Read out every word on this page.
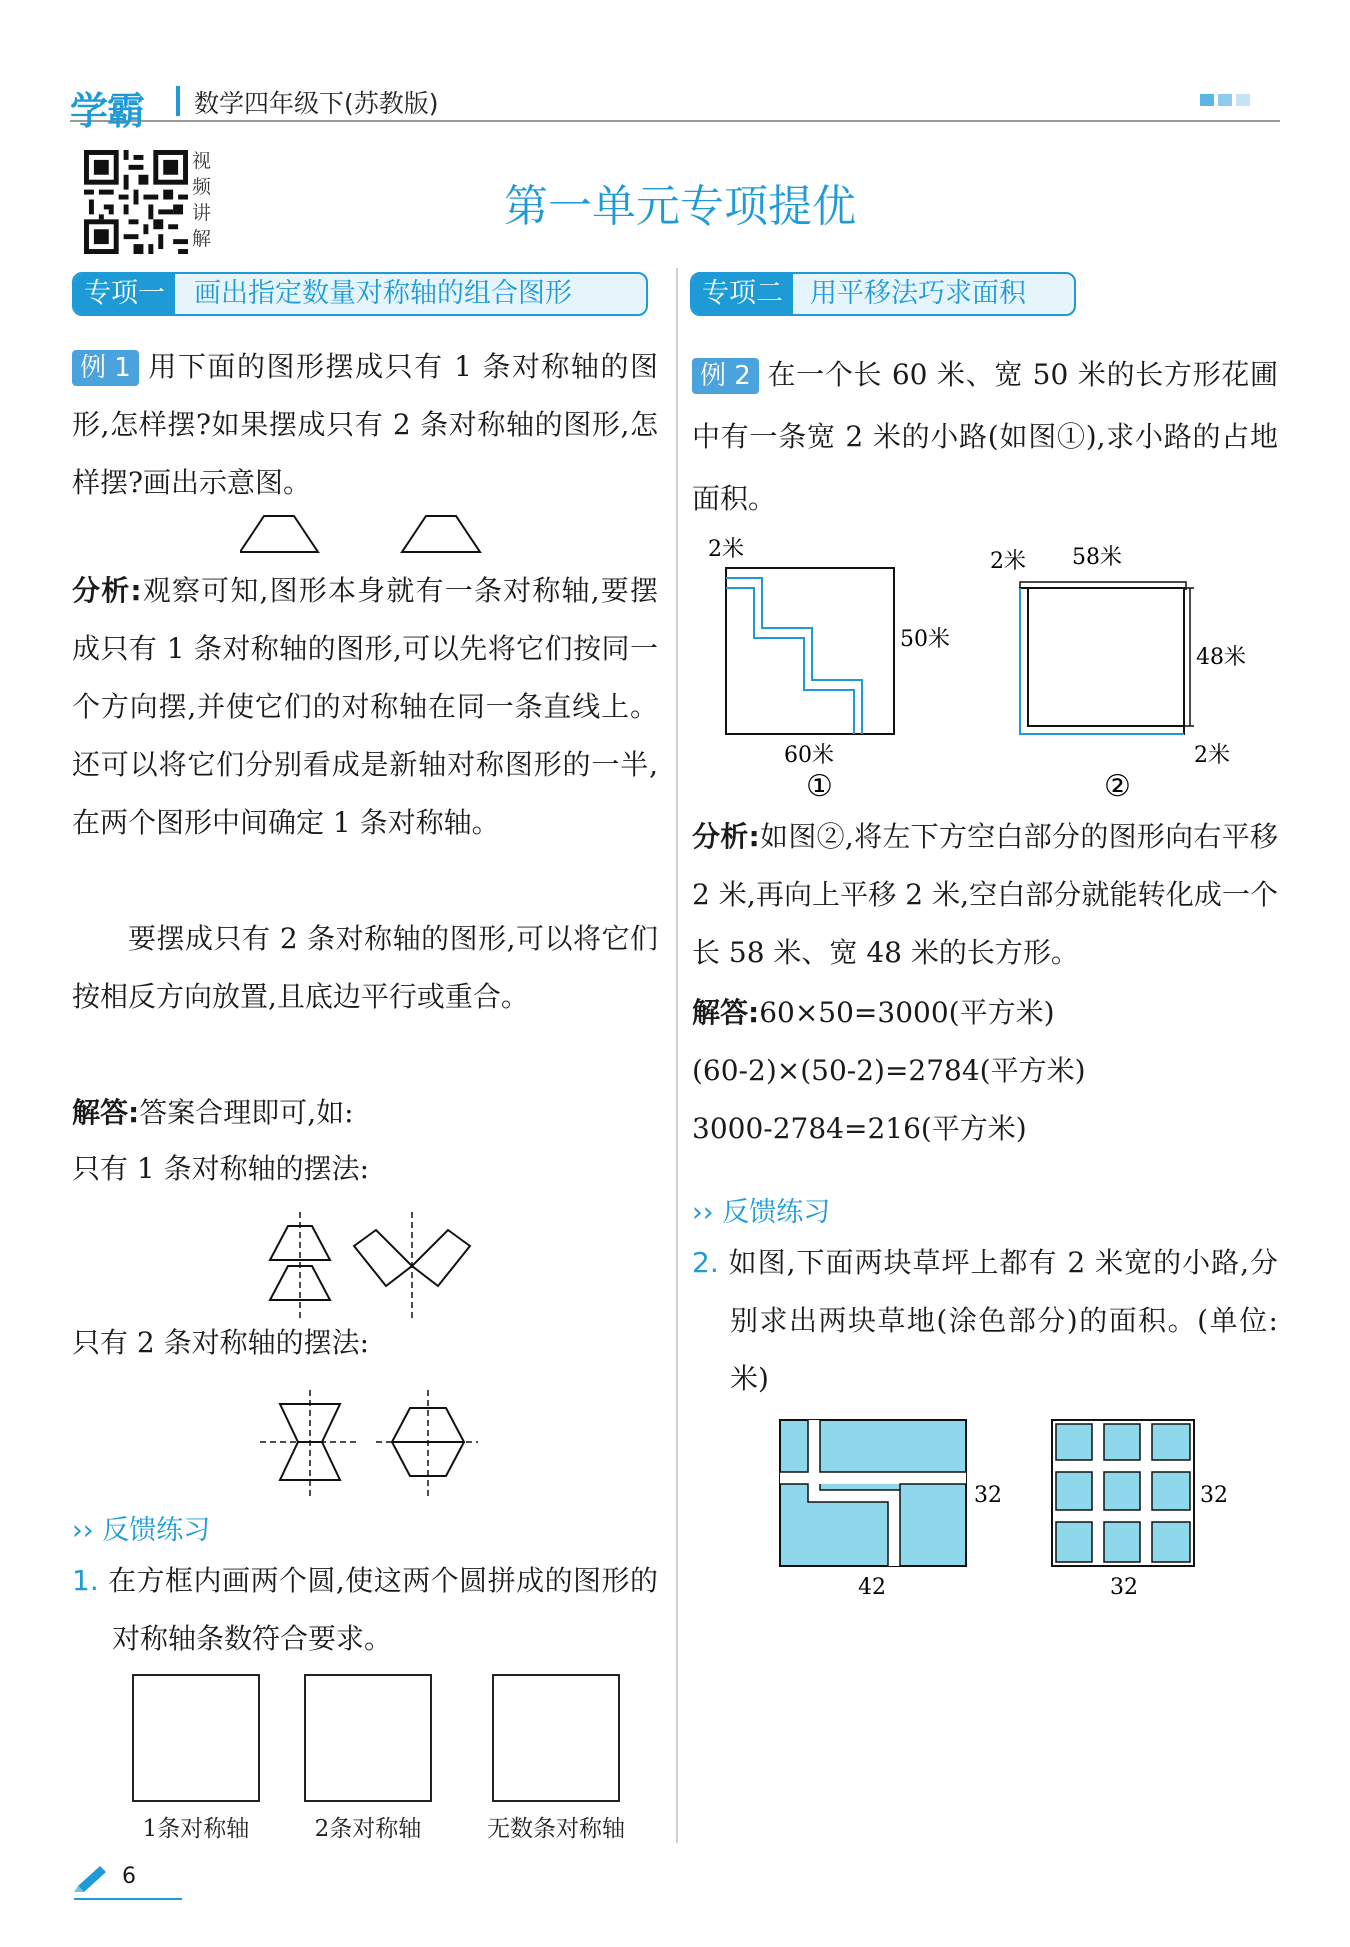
学霸 数学四年级下(苏教版)
视频讲解
第一单元专项提优
专项一	画出指定数量对称轴的组合图形
例 1 用下面的图形摆成只有 1 条对称轴的图形,怎样摆?如果摆成只有 2 条对称轴的图形,怎样摆?画出示意图。
分析:观察可知,图形本身就有一条对称轴,要摆成只有 1 条对称轴的图形,可以先将它们按同一个方向摆,并使它们的对称轴在同一条直线上。还可以将它们分别看成是新轴对称图形的一半,在两个图形中间确定 1 条对称轴。
要摆成只有 2 条对称轴的图形,可以将它们按相反方向放置,且底边平行或重合。
解答:答案合理即可,如:
只有 1 条对称轴的摆法:
只有 2 条对称轴的摆法:
›› 反馈练习
1. 在方框内画两个圆,使这两个圆拼成的图形的对称轴条数符合要求。
1条对称轴	2条对称轴	无数条对称轴
专项二	用平移法巧求面积
例 2 在一个长 60 米、宽 50 米的长方形花圃中有一条宽 2 米的小路(如图①),求小路的占地面积。
2米
50米
60米
①
2米 58米
48米
2米
②
分析:如图②,将左下方空白部分的图形向右平移 2 米,再向上平移 2 米,空白部分就能转化成一个长 58 米、宽 48 米的长方形。
解答:60×50=3000(平方米)
(60-2)×(50-2)=2784(平方米)
3000-2784=216(平方米)
›› 反馈练习
2. 如图,下面两块草坪上都有 2 米宽的小路,分别求出两块草地(涂色部分)的面积。(单位:米)
32
42
32
32
6
